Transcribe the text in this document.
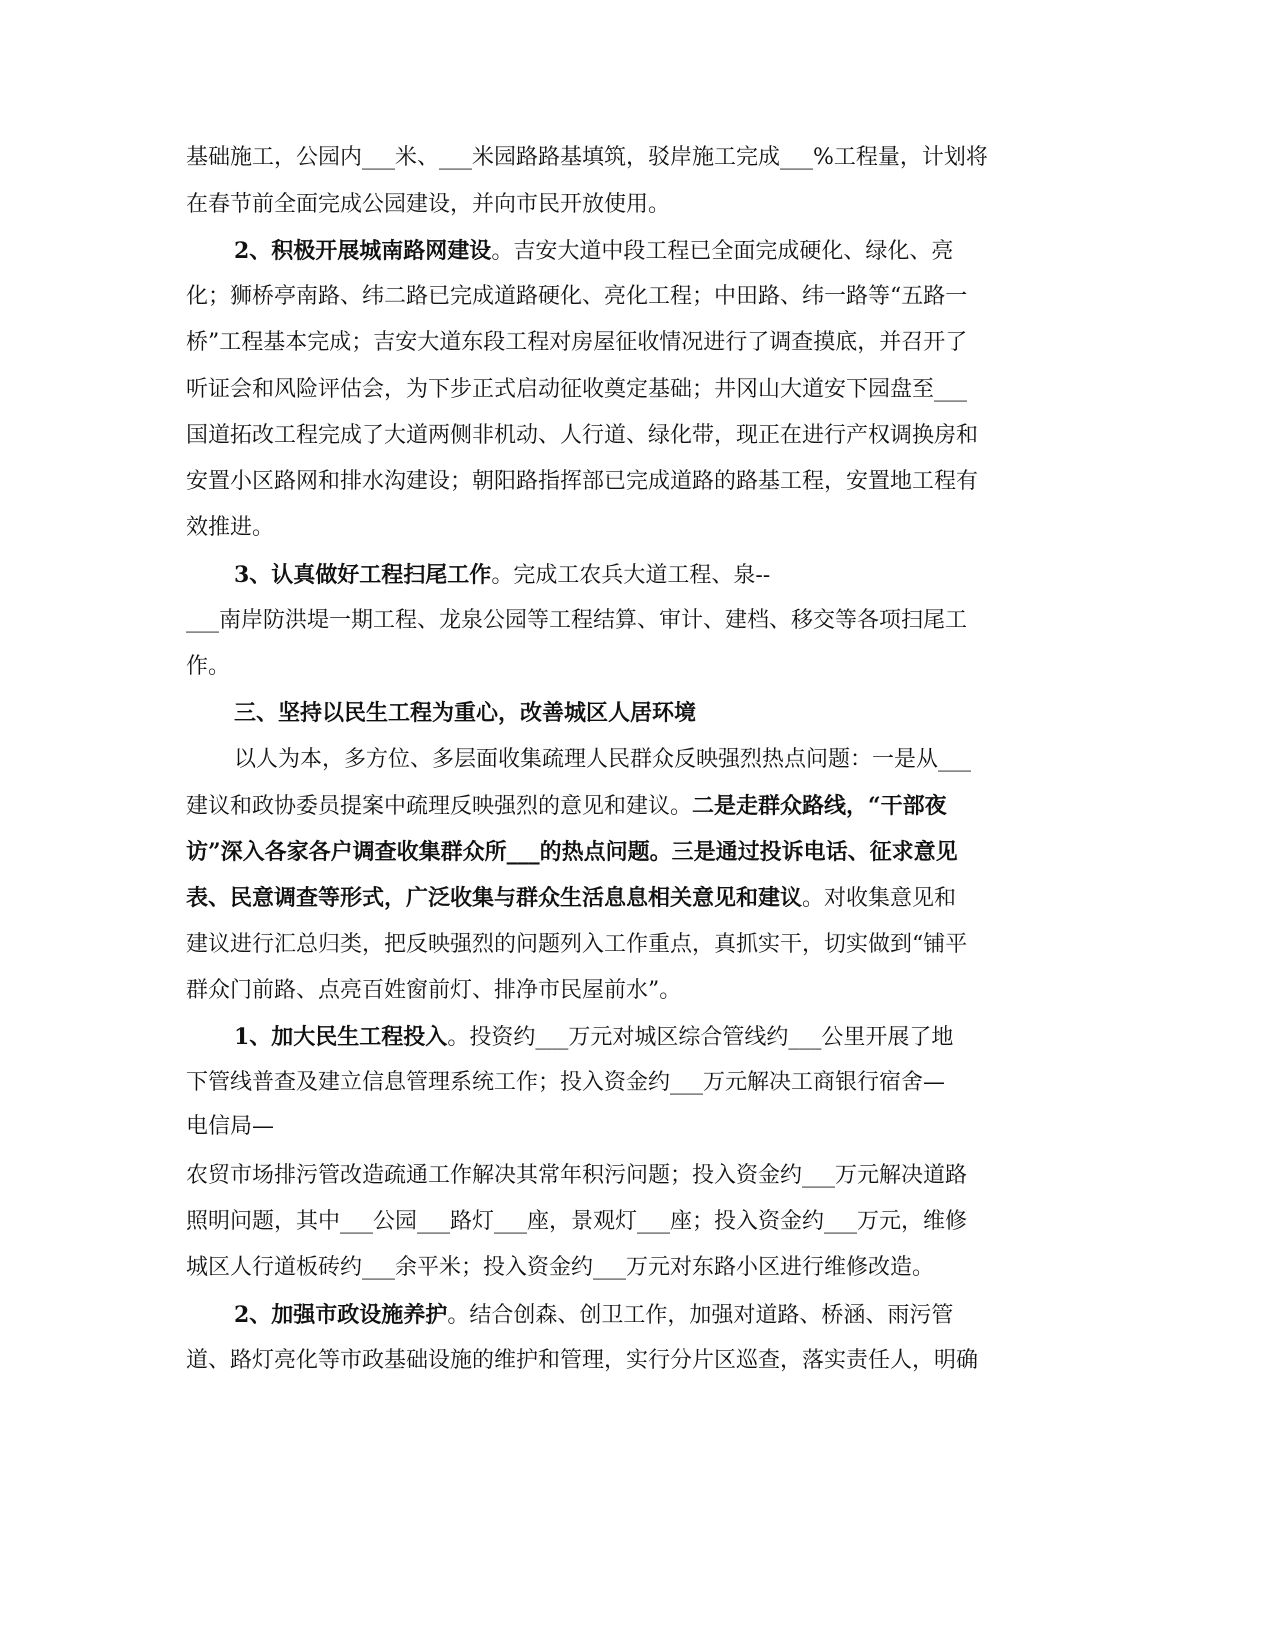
基础施工，公园内___米、___米园路路基填筑，驳岸施工完成___%工程量，计划将
在春节前全面完成公园建设，并向市民开放使用。
2、积极开展城南路网建设。吉安大道中段工程已全面完成硬化、绿化、亮
化；狮桥亭南路、纬二路已完成道路硬化、亮化工程；中田路、纬一路等“五路一
桥”工程基本完成；吉安大道东段工程对房屋征收情况进行了调查摸底，并召开了
听证会和风险评估会，为下步正式启动征收奠定基础；井冈山大道安下园盘至___
国道拓改工程完成了大道两侧非机动、人行道、绿化带，现正在进行产权调换房和
安置小区路网和排水沟建设；朝阳路指挥部已完成道路的路基工程，安置地工程有
效推进。
3、认真做好工程扫尾工作。完成工农兵大道工程、泉--
___南岸防洪堤一期工程、龙泉公园等工程结算、审计、建档、移交等各项扫尾工
作。
三、坚持以民生工程为重心，改善城区人居环境
以人为本，多方位、多层面收集疏理人民群众反映强烈热点问题：一是从___
建议和政协委员提案中疏理反映强烈的意见和建议。二是走群众路线，“干部夜
访”深入各家各户调查收集群众所___的热点问题。三是通过投诉电话、征求意见
表、民意调查等形式，广泛收集与群众生活息息相关意见和建议。对收集意见和
建议进行汇总归类，把反映强烈的问题列入工作重点，真抓实干，切实做到“铺平
群众门前路、点亮百姓窗前灯、排净市民屋前水”。
1、加大民生工程投入。投资约___万元对城区综合管线约___公里开展了地
下管线普查及建立信息管理系统工作；投入资金约___万元解决工商银行宿舍—
电信局—
农贸市场排污管改造疏通工作解决其常年积污问题；投入资金约___万元解决道路
照明问题，其中___公园___路灯___座，景观灯___座；投入资金约___万元，维修
城区人行道板砖约___余平米；投入资金约___万元对东路小区进行维修改造。
2、加强市政设施养护。结合创森、创卫工作，加强对道路、桥涵、雨污管
道、路灯亮化等市政基础设施的维护和管理，实行分片区巡查，落实责任人，明确
